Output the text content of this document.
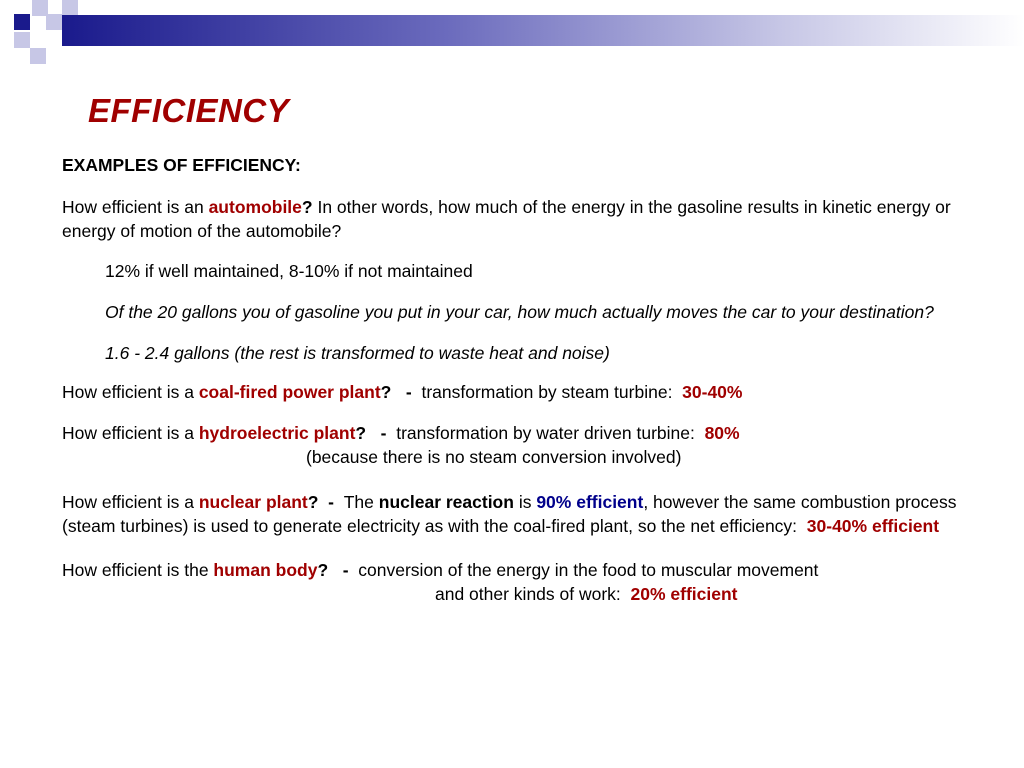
EFFICIENCY

EXAMPLES OF EFFICIENCY:

How efficient is an automobile? In other words, how much of the energy in the gasoline results in kinetic energy or energy of motion of the automobile?

12% if well maintained, 8-10% if not maintained

Of the 20 gallons you of gasoline you put in your car, how much actually moves the car to your destination?

1.6 - 2.4 gallons (the rest is transformed to waste heat and noise)

How efficient is a coal-fired power plant?   -  transformation by steam turbine:  30-40%

How efficient is a hydroelectric plant?   -  transformation by water driven turbine:  80%

(because there is no steam conversion involved)

How efficient is a nuclear plant?  -  The nuclear reaction is 90% efficient, however the same combustion process (steam turbines) is used to generate electricity as with the coal-fired plant, so the net efficiency:  30-40% efficient

How efficient is the human body?   -  conversion of the energy in the food to muscular movement

and other kinds of work:  20% efficient
